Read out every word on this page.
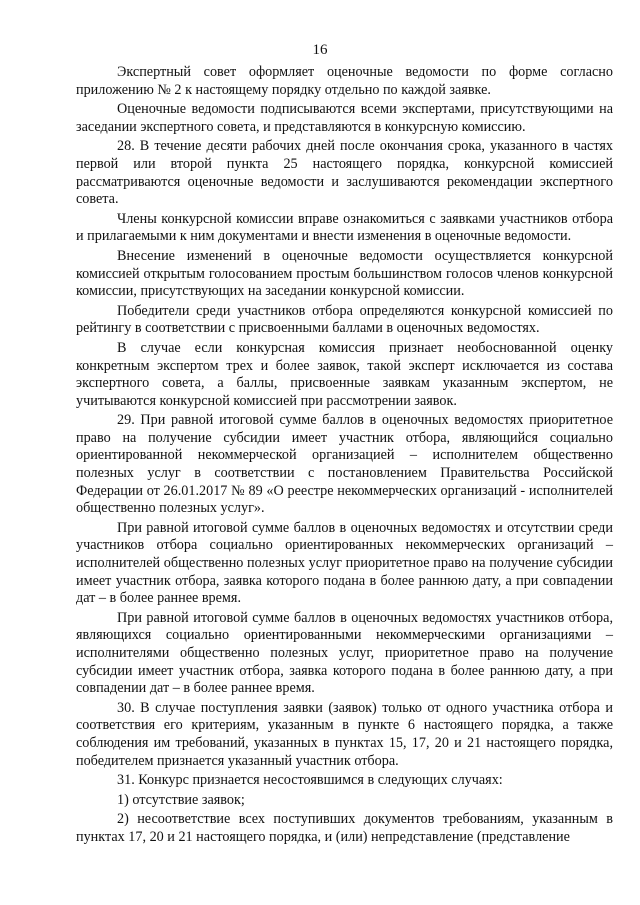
16

Экспертный совет оформляет оценочные ведомости по форме согласно приложению № 2 к настоящему порядку отдельно по каждой заявке.

Оценочные ведомости подписываются всеми экспертами, присутствующими на заседании экспертного совета, и представляются в конкурсную комиссию.

28. В течение десяти рабочих дней после окончания срока, указанного в частях первой или второй пункта 25 настоящего порядка, конкурсной комиссией рассматриваются оценочные ведомости и заслушиваются рекомендации экспертного совета.

Члены конкурсной комиссии вправе ознакомиться с заявками участников отбора и прилагаемыми к ним документами и внести изменения в оценочные ведомости.

Внесение изменений в оценочные ведомости осуществляется конкурсной комиссией открытым голосованием простым большинством голосов членов конкурсной комиссии, присутствующих на заседании конкурсной комиссии.

Победители среди участников отбора определяются конкурсной комиссией по рейтингу в соответствии с присвоенными баллами в оценочных ведомостях.

В случае если конкурсная комиссия признает необоснованной оценку конкретным экспертом трех и более заявок, такой эксперт исключается из состава экспертного совета, а баллы, присвоенные заявкам указанным экспертом, не учитываются конкурсной комиссией при рассмотрении заявок.

29. При равной итоговой сумме баллов в оценочных ведомостях приоритетное право на получение субсидии имеет участник отбора, являющийся социально ориентированной некоммерческой организацией – исполнителем общественно полезных услуг в соответствии с постановлением Правительства Российской Федерации от 26.01.2017 № 89 «О реестре некоммерческих организаций - исполнителей общественно полезных услуг».

При равной итоговой сумме баллов в оценочных ведомостях и отсутствии среди участников отбора социально ориентированных некоммерческих организаций – исполнителей общественно полезных услуг приоритетное право на получение субсидии имеет участник отбора, заявка которого подана в более раннюю дату, а при совпадении дат – в более раннее время.

При равной итоговой сумме баллов в оценочных ведомостях участников отбора, являющихся социально ориентированными некоммерческими организациями – исполнителями общественно полезных услуг, приоритетное право на получение субсидии имеет участник отбора, заявка которого подана в более раннюю дату, а при совпадении дат – в более раннее время.

30. В случае поступления заявки (заявок) только от одного участника отбора и соответствия его критериям, указанным в пункте 6 настоящего порядка, а также соблюдения им требований, указанных в пунктах 15, 17, 20 и 21 настоящего порядка, победителем признается указанный участник отбора.

31. Конкурс признается несостоявшимся в следующих случаях:

1) отсутствие заявок;

2) несоответствие всех поступивших документов требованиям, указанным в пунктах 17, 20 и 21 настоящего порядка, и (или) непредставление (представление
